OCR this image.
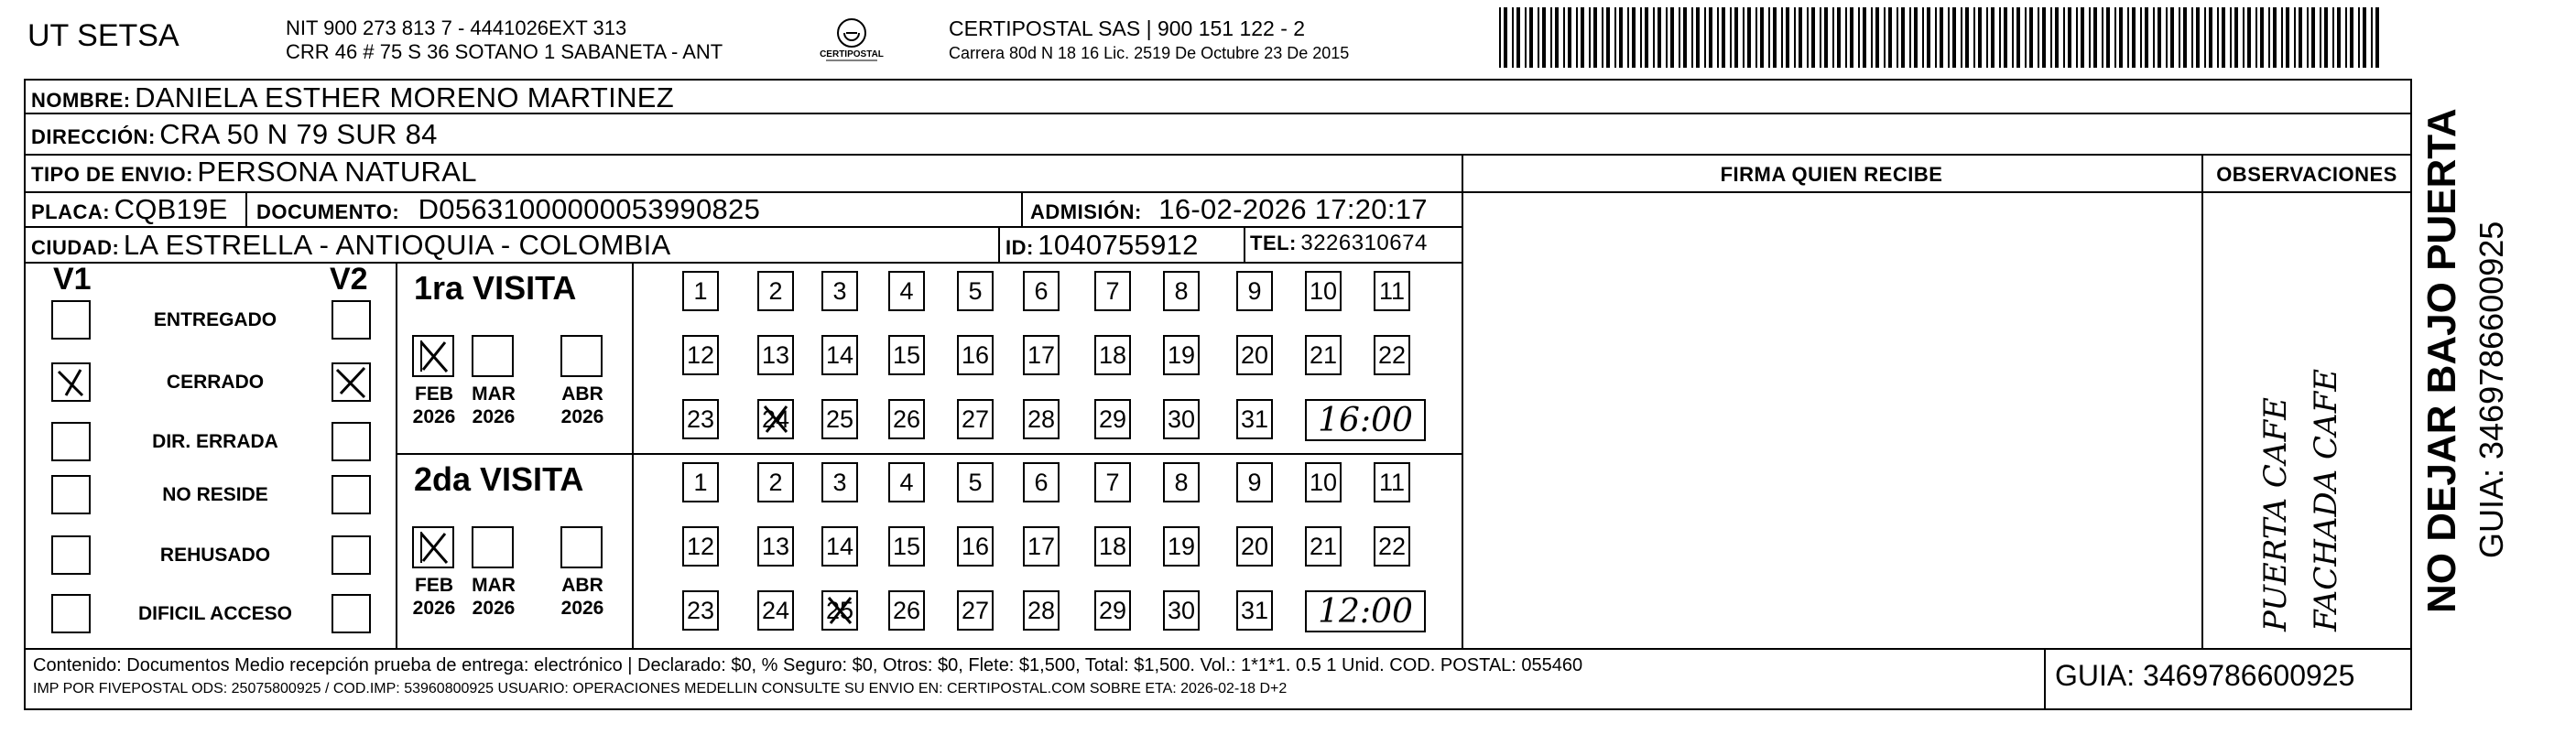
UT SETSA	NIT 900 273 813 7 - 4441026EXT 313
CRR 46 # 75 S 36 SOTANO 1 SABANETA - ANT	CERTIPOSTAL
CERTIPOSTAL SAS | 900 151 122 - 2
Carrera 80d N 18 16 Lic. 2519 De Octubre 23 De 2015
NOMBRE: DANIELA ESTHER MORENO MARTINEZ
DIRECCIÓN: CRA 50 N 79 SUR 84
TIPO DE ENVIO: PERSONA NATURAL	FIRMA QUIEN RECIBE	OBSERVACIONES
PLACA: CQB19E DOCUMENTO: D05631000000053990825	ADMISIÓN: 16-02-2026 17:20:17
CIUDAD: LA ESTRELLA - ANTIOQUIA - COLOMBIA	ID: 1040755912	TEL: 3226310674
V1	V2
ENTREGADO
CERRADO
DIR. ERRADA
NO RESIDE
REHUSADO
DIFICIL ACCESO
1ra VISITA
FEB
2026
MAR
2026
ABR
2026
1 2 3 4 5 6 7 8 9 10 11
12 13 14 15 16 17 18 19 20 21 22
23 24 25 26 27 28 29 30 31 16:00
2da VISITA
FEB
2026
MAR
2026
ABR
2026
1 2 3 4 5 6 7 8 9 10 11
12 13 14 15 16 17 18 19 20 21 22
23 24 25 26 27 28 29 30 31 12:00	PUERTA CAFE FACHADA CAFE
Contenido: Documentos Medio recepción prueba de entrega: electrónico | Declarado: $0, % Seguro: $0, Otros: $0, Flete: $1,500, Total: $1,500. Vol.: 1*1*1. 0.5 1 Unid. COD. POSTAL: 055460
IMP POR FIVEPOSTAL ODS: 25075800925 / COD.IMP: 53960800925 USUARIO: OPERACIONES MEDELLIN CONSULTE SU ENVIO EN: CERTIPOSTAL.COM SOBRE ETA: 2026-02-18 D+2	GUIA: 3469786600925
NO DEJAR BAJO PUERTA GUIA: 3469786600925
